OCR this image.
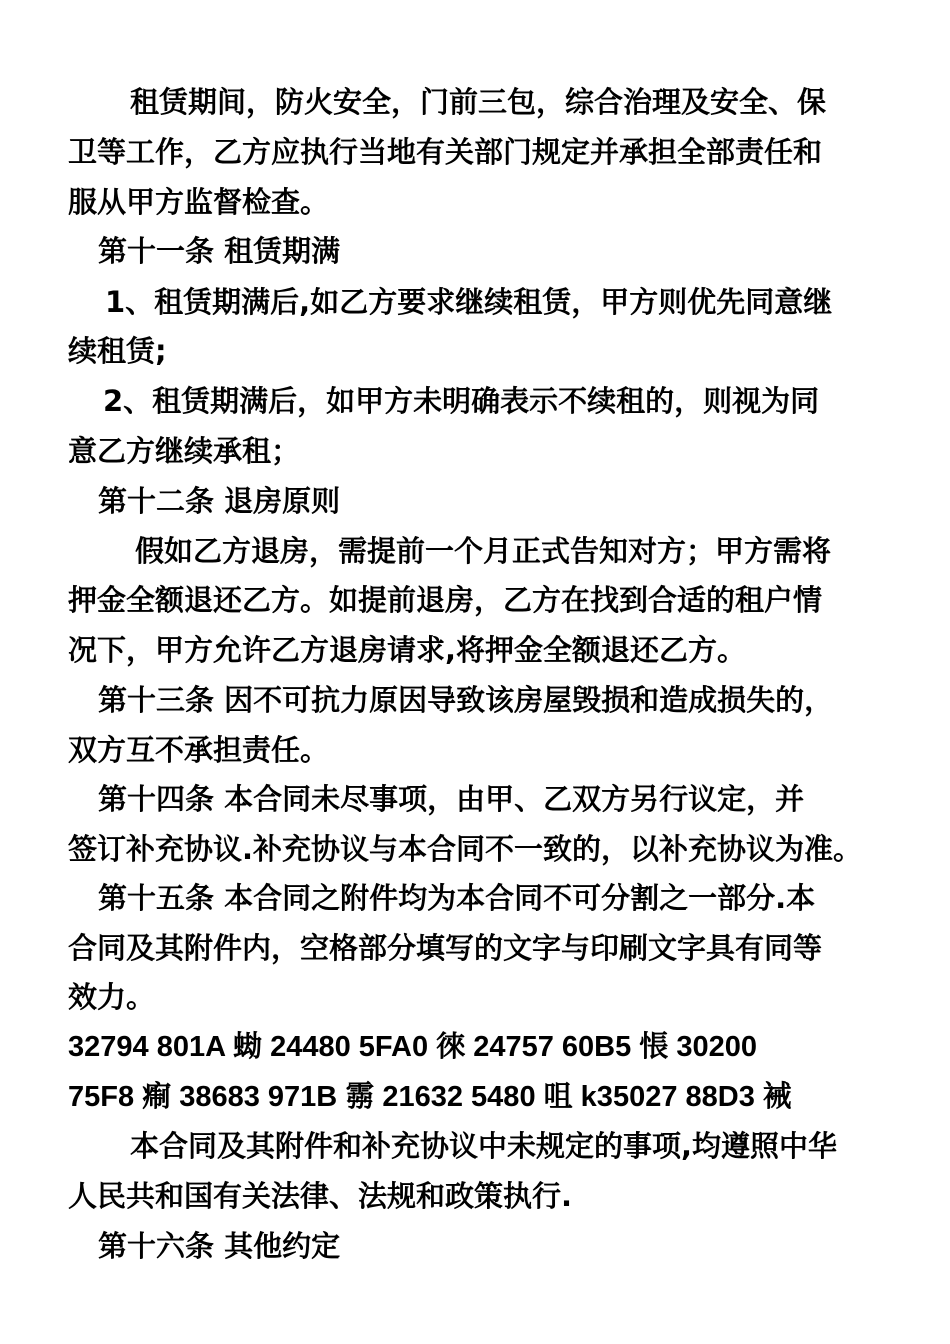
租赁期间，防火安全，门前三包，综合治理及安全、保
卫等工作，乙方应执行当地有关部门规定并承担全部责任和
服从甲方监督检查。
第十一条 租赁期满
1、租赁期满后,如乙方要求继续租赁，甲方则优先同意继
续租赁;
2、租赁期满后，如甲方未明确表示不续租的，则视为同
意乙方继续承租；
第十二条 退房原则
假如乙方退房，需提前一个月正式告知对方；甲方需将
押金全额退还乙方。如提前退房，乙方在找到合适的租户情
况下，甲方允许乙方退房请求,将押金全额退还乙方。
第十三条 因不可抗力原因导致该房屋毁损和造成损失的，
双方互不承担责任。
第十四条 本合同未尽事项，由甲、乙双方另行议定，并
签订补充协议.补充协议与本合同不一致的，以补充协议为准。
第十五条 本合同之附件均为本合同不可分割之一部分.本
合同及其附件内，空格部分填写的文字与印刷文字具有同等
效力。
32794 801A 蜐 24480 5FA0 徠 24757 60B5 悵 30200
75F8 痸 38683 971B 霛 21632 5480 咀 k35027 88D3 裓
本合同及其附件和补充协议中未规定的事项,均遵照中华
人民共和国有关法律、法规和政策执行.
第十六条 其他约定
